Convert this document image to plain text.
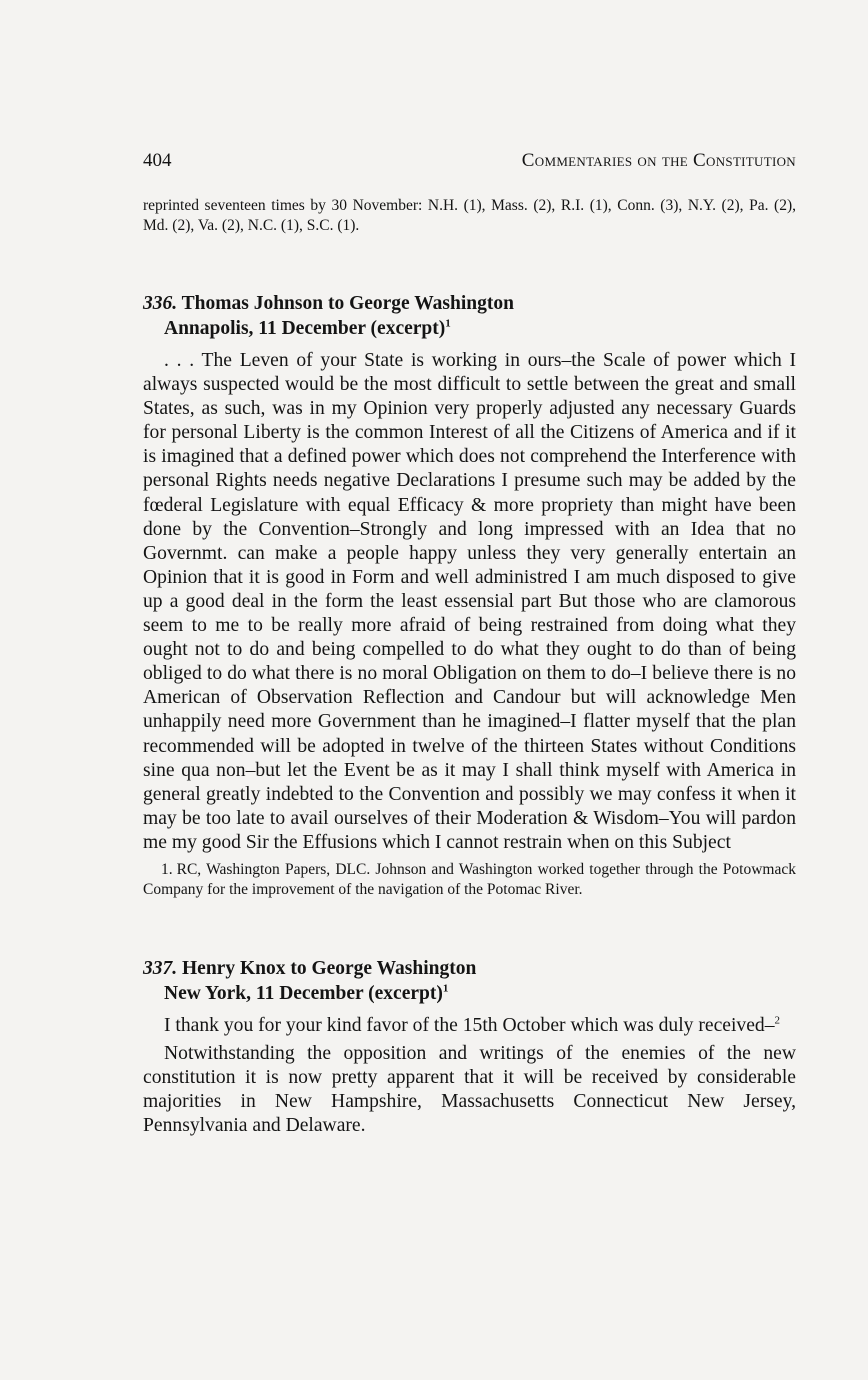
404	Commentaries on the Constitution
reprinted seventeen times by 30 November: N.H. (1), Mass. (2), R.I. (1), Conn. (3), N.Y. (2), Pa. (2), Md. (2), Va. (2), N.C. (1), S.C. (1).
336. Thomas Johnson to George Washington
Annapolis, 11 December (excerpt)$^1$

. . . The Leven of your State is working in ours–the Scale of power which I always suspected would be the most difficult to settle between the great and small States, as such, was in my Opinion very properly adjusted any necessary Guards for personal Liberty is the common Interest of all the Citizens of America and if it is imagined that a defined power which does not comprehend the Interference with personal Rights needs negative Declarations I presume such may be added by the fœderal Legislature with equal Efficacy & more propriety than might have been done by the Convention–Strongly and long impressed with an Idea that no Governmt. can make a people happy unless they very generally entertain an Opinion that it is good in Form and well administred I am much disposed to give up a good deal in the form the least essensial part But those who are clamorous seem to me to be really more afraid of being restrained from doing what they ought not to do and being compelled to do what they ought to do than of being obliged to do what there is no moral Obligation on them to do–I believe there is no American of Observation Reflection and Candour but will acknowledge Men unhappily need more Government than he imagined–I flatter myself that the plan recommended will be adopted in twelve of the thirteen States without Conditions sine qua non–but let the Event be as it may I shall think myself with America in general greatly indebted to the Convention and possibly we may confess it when it may be too late to avail ourselves of their Moderation & Wisdom–You will pardon me my good Sir the Effusions which I cannot restrain when on this Subject

1. RC, Washington Papers, DLC. Johnson and Washington worked together through the Potowmack Company for the improvement of the navigation of the Potomac River.
337. Henry Knox to George Washington
New York, 11 December (excerpt)$^1$

I thank you for your kind favor of the 15th October which was duly received–$^2$

Notwithstanding the opposition and writings of the enemies of the new constitution it is now pretty apparent that it will be received by considerable majorities in New Hampshire, Massachusetts Connecticut New Jersey, Pennsylvania and Delaware.
